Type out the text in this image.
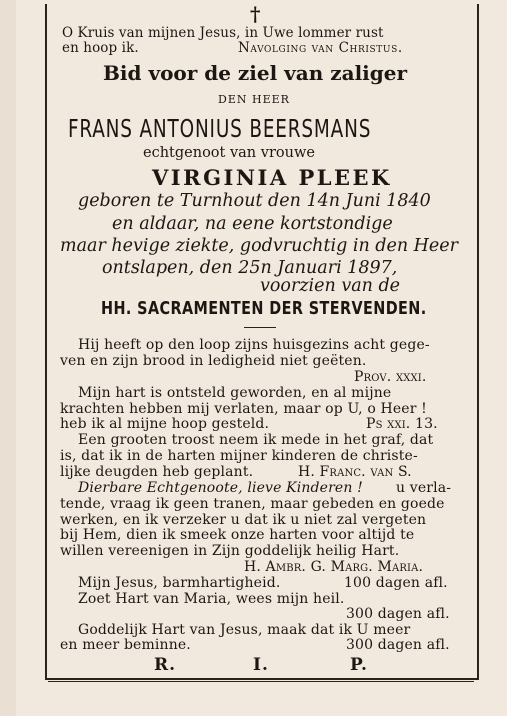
†
O Kruis van mijnen Jesus, in Uwe lommer rust
en hoop ik.	Navolging van Christus.
Bid voor de ziel van zaliger
DEN HEER
FRANS ANTONIUS BEERSMANS
echtgenoot van vrouwe
VIRGINIA PLEEK
geboren te Turnhout den 14n Juni 1840
en aldaar, na eene kortstondige
maar hevige ziekte, godvruchtig in den Heer
ontslapen, den 25n Januari 1897,
voorzien van de
HH. SACRAMENTEN DER STERVENDEN.
Hij heeft op den loop zijns huisgezins acht gege-
ven en zijn brood in ledigheid niet geëten.
Prov. xxxi.
Mijn hart is ontsteld geworden, en al mijne
krachten hebben mij verlaten, maar op U, o Heer !
heb ik al mijne hoop gesteld.	Ps xxi. 13.
Een grooten troost neem ik mede in het graf, dat
is, dat ik in de harten mijner kinderen de christe-
lijke deugden heb geplant.	H. Franc. van S.
Dierbare Echtgenoote, lieve Kinderen ! u verla-
tende, vraag ik geen tranen, maar gebeden en goede
werken, en ik verzeker u dat ik u niet zal vergeten
bij Hem, dien ik smeek onze harten voor altijd te
willen vereenigen in Zijn goddelijk heilig Hart.
H. Ambr. G. Marg. Maria.
Mijn Jesus, barmhartigheid.	100 dagen afl.
Zoet Hart van Maria, wees mijn heil.
300 dagen afl.
Goddelijk Hart van Jesus, maak dat ik U meer
en meer beminne.	300 dagen afl.
R.	I.	P.
